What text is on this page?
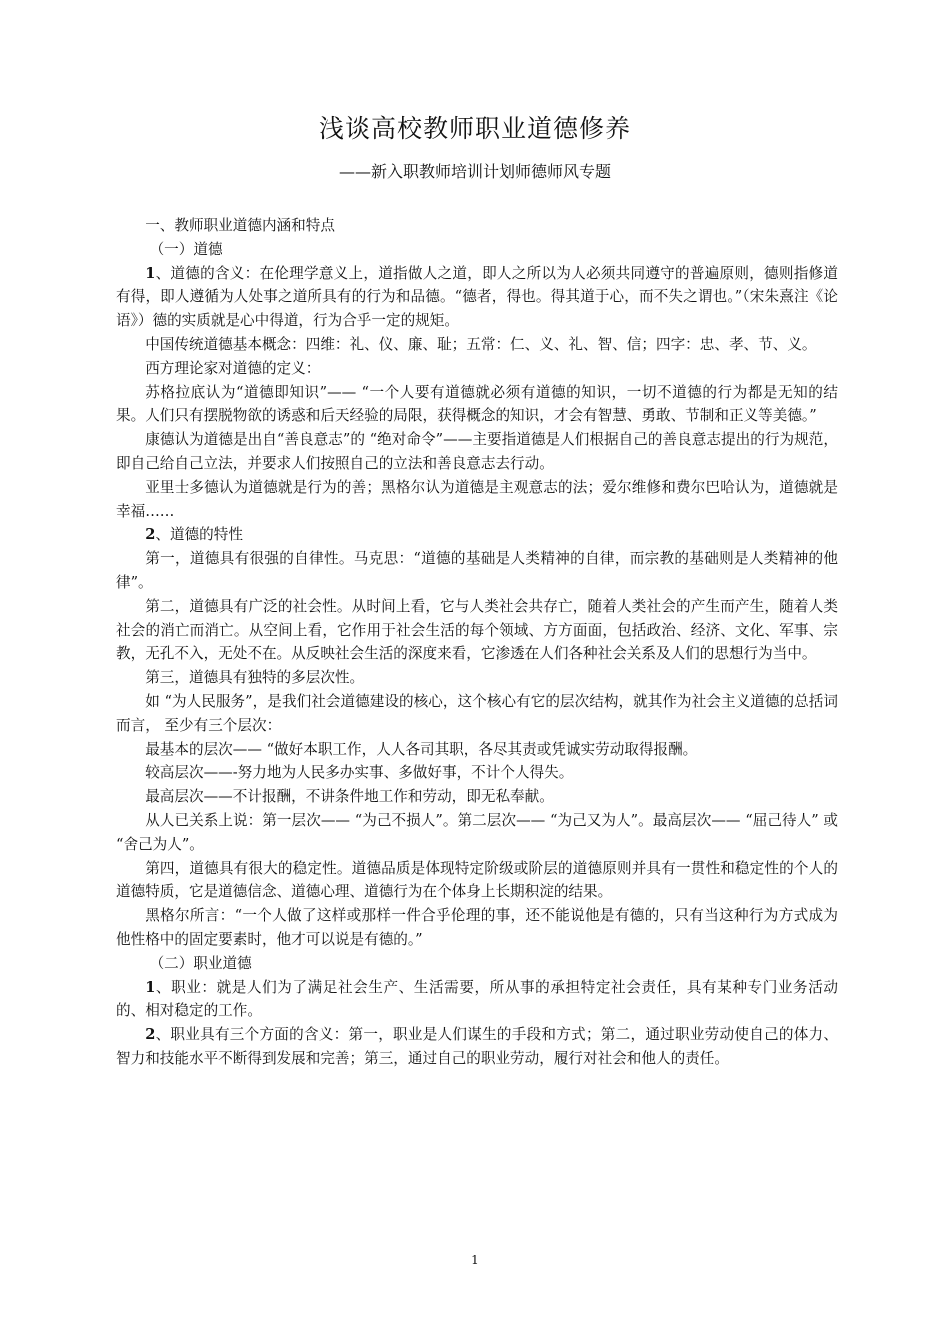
浅谈高校教师职业道德修养
——新入职教师培训计划师德师风专题

一、教师职业道德内涵和特点

（一）道德

1、道德的含义：在伦理学意义上，道指做人之道，即人之所以为人必须共同遵守的普遍原则，德则指修道有得，即人遵循为人处事之道所具有的行为和品德。“德者，得也。得其道于心，而不失之谓也。”（宋朱熹注《论语》）德的实质就是心中得道，行为合乎一定的规矩。

中国传统道德基本概念：四维：礼、仪、廉、耻；五常：仁、义、礼、智、信；四字：忠、孝、节、义。

西方理论家对道德的定义：

苏格拉底认为“道德即知识”—— “一个人要有道德就必须有道德的知识，一切不道德的行为都是无知的结果。人们只有摆脱物欲的诱惑和后天经验的局限，获得概念的知识，才会有智慧、勇敢、节制和正义等美德。”

康德认为道德是出自“善良意志”的 “绝对命令”——主要指道德是人们根据自己的善良意志提出的行为规范，即自己给自己立法，并要求人们按照自己的立法和善良意志去行动。

亚里士多德认为道德就是行为的善；黑格尔认为道德是主观意志的法；爱尔维修和费尔巴哈认为，道德就是幸福……

2、道德的特性

第一，道德具有很强的自律性。马克思：“道德的基础是人类精神的自律，而宗教的基础则是人类精神的他律”。

第二，道德具有广泛的社会性。从时间上看，它与人类社会共存亡，随着人类社会的产生而产生，随着人类社会的消亡而消亡。从空间上看，它作用于社会生活的每个领域、方方面面，包括政治、经济、文化、军事、宗教，无孔不入，无处不在。从反映社会生活的深度来看，它渗透在人们各种社会关系及人们的思想行为当中。

第三，道德具有独特的多层次性。

如 “为人民服务”，是我们社会道德建设的核心，这个核心有它的层次结构，就其作为社会主义道德的总括词而言， 至少有三个层次：

最基本的层次—— “做好本职工作，人人各司其职，各尽其责或凭诚实劳动取得报酬。

较高层次——-努力地为人民多办实事、多做好事，不计个人得失。

最高层次——不计报酬，不讲条件地工作和劳动，即无私奉献。

从人已关系上说：第一层次—— “为己不损人”。第二层次—— “为己又为人”。最高层次—— “屈己待人” 或 “舍己为人”。

第四，道德具有很大的稳定性。道德品质是体现特定阶级或阶层的道德原则并具有一贯性和稳定性的个人的道德特质，它是道德信念、道德心理、道德行为在个体身上长期积淀的结果。

黑格尔所言：“一个人做了这样或那样一件合乎伦理的事，还不能说他是有德的，只有当这种行为方式成为他性格中的固定要素时，他才可以说是有德的。”

（二）职业道德

1、职业：就是人们为了满足社会生产、生活需要，所从事的承担特定社会责任，具有某种专门业务活动的、相对稳定的工作。

2、职业具有三个方面的含义：第一，职业是人们谋生的手段和方式；第二，通过职业劳动使自己的体力、智力和技能水平不断得到发展和完善；第三，通过自己的职业劳动，履行对社会和他人的责任。

1
